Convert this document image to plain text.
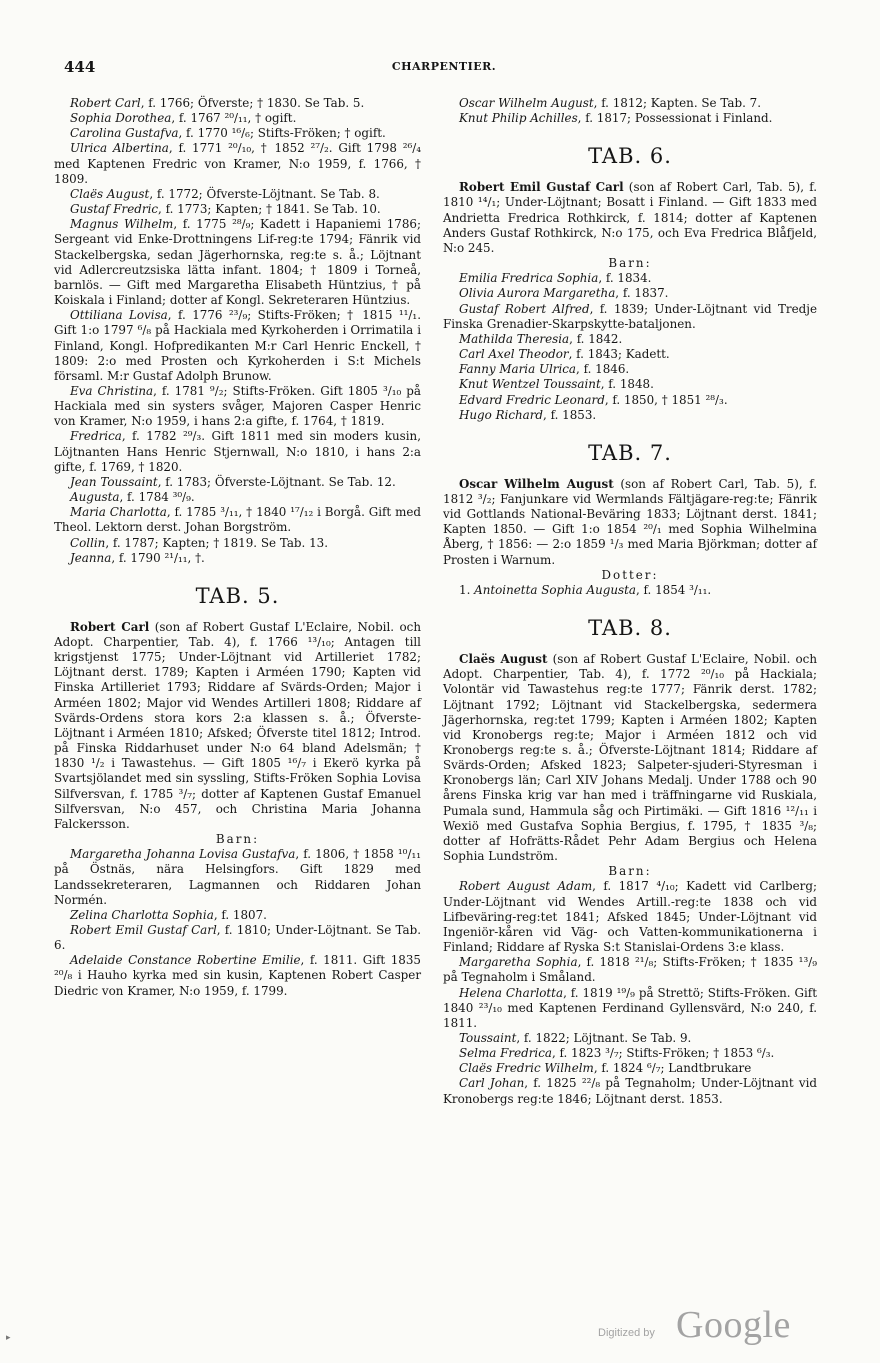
444	CHARPENTIER.

Robert Carl, f. 1766; Öfverste; † 1830. Se Tab. 5.

Sophia Dorothea, f. 1767 ²⁰/₁₁, † ogift.

Carolina Gustafva, f. 1770 ¹⁶/₆; Stifts-Fröken; † ogift.

Ulrica Albertina, f. 1771 ²⁰/₁₀, † 1852 ²⁷/₂. Gift 1798 ²⁶/₄ med Kaptenen Fredric von Kramer, N:o 1959, f. 1766, † 1809.

Claës August, f. 1772; Öfverste-Löjtnant. Se Tab. 8.

Gustaf Fredric, f. 1773; Kapten; † 1841. Se Tab. 10.

Magnus Wilhelm, f. 1775 ²⁸/₉; Kadett i Hapaniemi 1786; Sergeant vid Enke-Drottningens Lif-reg:te 1794; Fänrik vid Stackelbergska, sedan Jägerhornska, reg:te s. å.; Löjtnant vid Adlercreutzsiska lätta infant. 1804; † 1809 i Torneå, barnlös. — Gift med Margaretha Elisabeth Hüntzius, † på Koiskala i Finland; dotter af Kongl. Sekreteraren Hüntzius.

Ottiliana Lovisa, f. 1776 ²³/₉; Stifts-Fröken; † 1815 ¹¹/₁. Gift 1:o 1797 ⁶/₈ på Hackiala med Kyrkoherden i Orrimatila i Finland, Kongl. Hofpredikanten M:r Carl Henric Enckell, † 1809: 2:o med Prosten och Kyrkoherden i S:t Michels församl. M:r Gustaf Adolph Brunow.

Eva Christina, f. 1781 ⁹/₂; Stifts-Fröken. Gift 1805 ³/₁₀ på Hackiala med sin systers svåger, Majoren Casper Henric von Kramer, N:o 1959, i hans 2:a gifte, f. 1764, † 1819.

Fredrica, f. 1782 ²⁹/₃. Gift 1811 med sin moders kusin, Löjtnanten Hans Henric Stjernwall, N:o 1810, i hans 2:a gifte, f. 1769, † 1820.

Jean Toussaint, f. 1783; Öfverste-Löjtnant. Se Tab. 12.

Augusta, f. 1784 ³⁰/₉.

Maria Charlotta, f. 1785 ³/₁₁, † 1840 ¹⁷/₁₂ i Borgå. Gift med Theol. Lektorn derst. Johan Borgström.

Collin, f. 1787; Kapten; † 1819. Se Tab. 13.

Jeanna, f. 1790 ²¹/₁₁, †.

TAB. 5.

Robert Carl (son af Robert Gustaf L'Eclaire, Nobil. och Adopt. Charpentier, Tab. 4), f. 1766 ¹³/₁₀; Antagen till krigstjenst 1775; Under-Löjtnant vid Artilleriet 1782; Löjtnant derst. 1789; Kapten i Arméen 1790; Kapten vid Finska Artilleriet 1793; Riddare af Svärds-Orden; Major i Arméen 1802; Major vid Wendes Artilleri 1808; Riddare af Svärds-Ordens stora kors 2:a klassen s. å.; Öfverste-Löjtnant i Arméen 1810; Afsked; Öfverste titel 1812; Introd. på Finska Riddarhuset under N:o 64 bland Adelsmän; † 1830 ¹/₂ i Tawastehus. — Gift 1805 ¹⁶/₇ i Ekerö kyrka på Svartsjölandet med sin syssling, Stifts-Fröken Sophia Lovisa Silfversvan, f. 1785 ³/₇; dotter af Kaptenen Gustaf Emanuel Silfversvan, N:o 457, och Christina Maria Johanna Falckersson.

Barn:

Margaretha Johanna Lovisa Gustafva, f. 1806, † 1858 ¹⁰/₁₁ på Östnäs, nära Helsingfors. Gift 1829 med Landssekreteraren, Lagmannen och Riddaren Johan Normén.

Zelina Charlotta Sophia, f. 1807.

Robert Emil Gustaf Carl, f. 1810; Under-Löjtnant. Se Tab. 6.

Adelaide Constance Robertine Emilie, f. 1811. Gift 1835 ²⁰/₈ i Hauho kyrka med sin kusin, Kaptenen Robert Casper Diedric von Kramer, N:o 1959, f. 1799.

Oscar Wilhelm August, f. 1812; Kapten. Se Tab. 7.

Knut Philip Achilles, f. 1817; Possessionat i Finland.

TAB. 6.

Robert Emil Gustaf Carl (son af Robert Carl, Tab. 5), f. 1810 ¹⁴/₁; Under-Löjtnant; Bosatt i Finland. — Gift 1833 med Andrietta Fredrica Rothkirck, f. 1814; dotter af Kaptenen Anders Gustaf Rothkirck, N:o 175, och Eva Fredrica Blåfjeld, N:o 245.

Barn:

Emilia Fredrica Sophia, f. 1834.

Olivia Aurora Margaretha, f. 1837.

Gustaf Robert Alfred, f. 1839; Under-Löjtnant vid Tredje Finska Grenadier-Skarpskytte-bataljonen.

Mathilda Theresia, f. 1842.

Carl Axel Theodor, f. 1843; Kadett.

Fanny Maria Ulrica, f. 1846.

Knut Wentzel Toussaint, f. 1848.

Edvard Fredric Leonard, f. 1850, † 1851 ²⁸/₃.

Hugo Richard, f. 1853.

TAB. 7.

Oscar Wilhelm August (son af Robert Carl, Tab. 5), f. 1812 ³/₂; Fanjunkare vid Wermlands Fältjägare-reg:te; Fänrik vid Gottlands National-Beväring 1833; Löjtnant derst. 1841; Kapten 1850. — Gift 1:o 1854 ²⁰/₁ med Sophia Wilhelmina Åberg, † 1856: — 2:o 1859 ¹/₃ med Maria Björkman; dotter af Prosten i Warnum.

Dotter:

1. Antoinetta Sophia Augusta, f. 1854 ³/₁₁.

TAB. 8.

Claës August (son af Robert Gustaf L'Eclaire, Nobil. och Adopt. Charpentier, Tab. 4), f. 1772 ²⁰/₁₀ på Hackiala; Volontär vid Tawastehus reg:te 1777; Fänrik derst. 1782; Löjtnant 1792; Löjtnant vid Stackelbergska, sedermera Jägerhornska, reg:tet 1799; Kapten i Arméen 1802; Kapten vid Kronobergs reg:te; Major i Arméen 1812 och vid Kronobergs reg:te s. å.; Öfverste-Löjtnant 1814; Riddare af Svärds-Orden; Afsked 1823; Salpeter-sjuderi-Styresman i Kronobergs län; Carl XIV Johans Medalj. Under 1788 och 90 årens Finska krig var han med i träffningarne vid Ruskiala, Pumala sund, Hammula såg och Pirtimäki. — Gift 1816 ¹²/₁₁ i Wexiö med Gustafva Sophia Bergius, f. 1795, † 1835 ³/₈; dotter af Hofrätts-Rådet Pehr Adam Bergius och Helena Sophia Lundström.

Barn:

Robert August Adam, f. 1817 ⁴/₁₀; Kadett vid Carlberg; Under-Löjtnant vid Wendes Artill.-reg:te 1838 och vid Lifbeväring-reg:tet 1841; Afsked 1845; Under-Löjtnant vid Ingeniör-kåren vid Väg- och Vatten-kommunikationerna i Finland; Riddare af Ryska S:t Stanislai-Ordens 3:e klass.

Margaretha Sophia, f. 1818 ²¹/₈; Stifts-Fröken; † 1835 ¹³/₉ på Tegnaholm i Småland.

Helena Charlotta, f. 1819 ¹⁹/₉ på Strettö; Stifts-Fröken. Gift 1840 ²³/₁₀ med Kaptenen Ferdinand Gyllensvärd, N:o 240, f. 1811.

Toussaint, f. 1822; Löjtnant. Se Tab. 9.

Selma Fredrica, f. 1823 ³/₇; Stifts-Fröken; † 1853 ⁶/₃.

Claës Fredric Wilhelm, f. 1824 ⁶/₇; Landtbrukare

Carl Johan, f. 1825 ²²/₈ på Tegnaholm; Under-Löjtnant vid Kronobergs reg:te 1846; Löjtnant derst. 1853.

Digitized by Google
▸
